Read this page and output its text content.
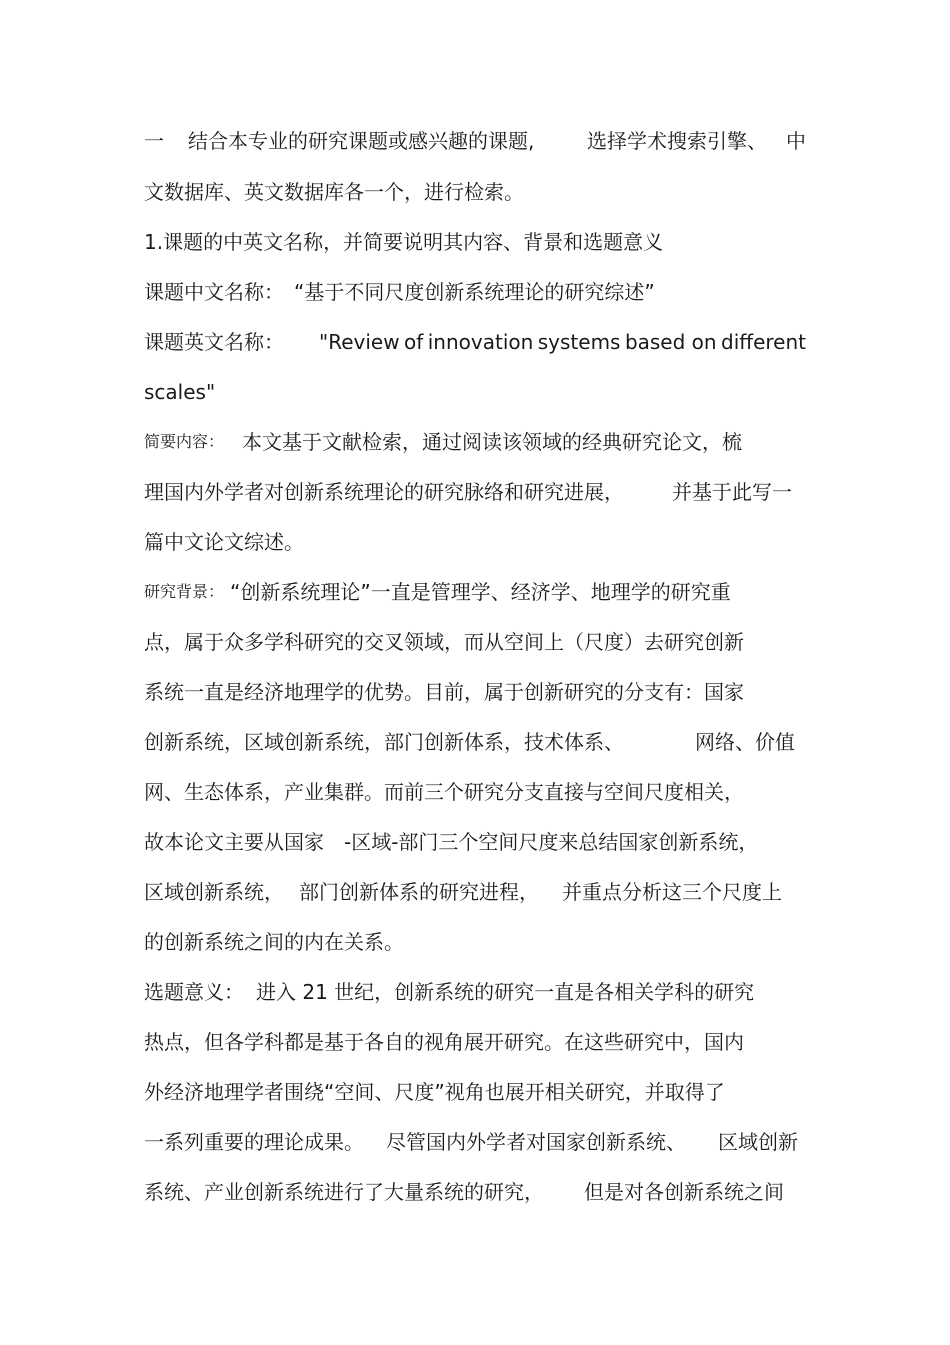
一 结合本专业的研究课题或感兴趣的课题,	选择学术搜索引擎、 中
文数据库、英文数据库各一个，进行检索。
1.课题的中英文名称，并简要说明其内容、背景和选题意义
课题中文名称： “基于不同尺度创新系统理论的研究综述”
课题英文名称： "Review of innovation systems based on different
scales"
简要内容： 本文基于文献检索，通过阅读该领域的经典研究论文，梳
理国内外学者对创新系统理论的研究脉络和研究进展， 并基于此写一
篇中文论文综述。
研究背景： “创新系统理论”一直是管理学、经济学、地理学的研究重
点，属于众多学科研究的交叉领域，而从空间上（尺度）去研究创新
系统一直是经济地理学的优势。目前，属于创新研究的分支有：国家
创新系统，区域创新系统，部门创新体系，技术体系、	网络、价值
网、生态体系，产业集群。而前三个研究分支直接与空间尺度相关，
故本论文主要从国家 -区域-部门三个空间尺度来总结国家创新系统，
区域创新系统， 部门创新体系的研究进程， 并重点分析这三个尺度上
的创新系统之间的内在关系。
选题意义： 进入 21 世纪，创新系统的研究一直是各相关学科的研究
热点，但各学科都是基于各自的视角展开研究。在这些研究中，国内
外经济地理学者围绕“空间、尺度”视角也展开相关研究，并取得了
一系列重要的理论成果。 尽管国内外学者对国家创新系统、 区域创新
系统、产业创新系统进行了大量系统的研究， 但是对各创新系统之间
